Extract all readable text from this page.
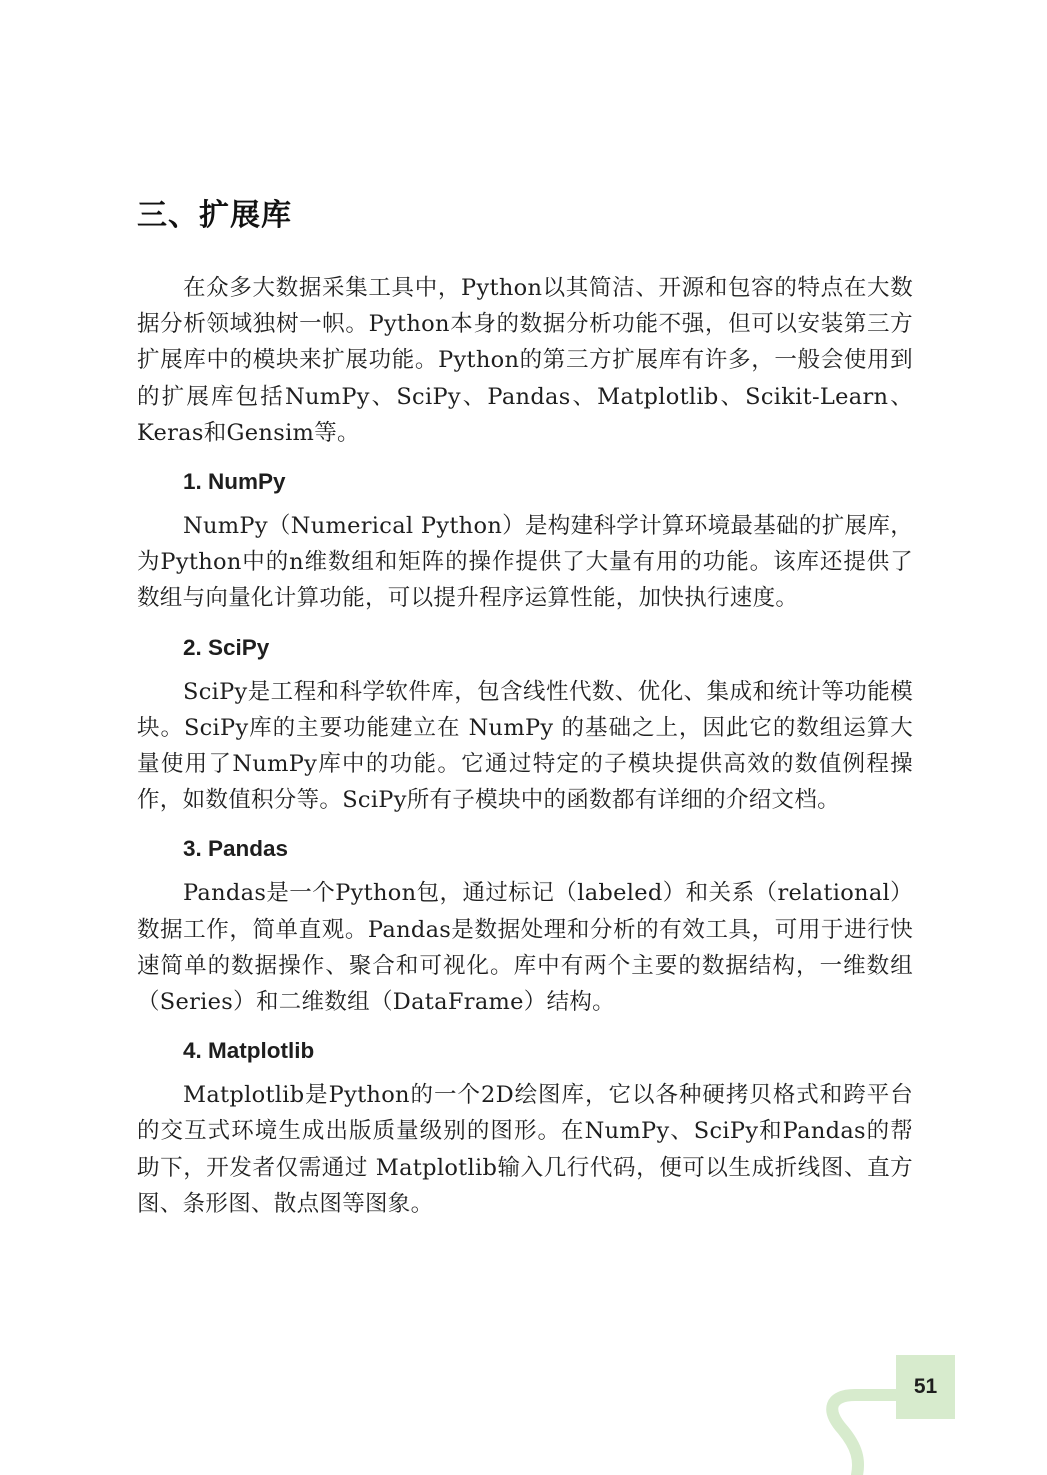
三、扩展库

在众多大数据采集工具中，Python以其简洁、开源和包容的特点在大数据分析领域独树一帜。Python本身的数据分析功能不强，但可以安装第三方扩展库中的模块来扩展功能。Python的第三方扩展库有许多，一般会使用到的扩展库包括NumPy、SciPy、Pandas、Matplotlib、Scikit-Learn、Keras和Gensim等。

1. NumPy

NumPy（Numerical Python）是构建科学计算环境最基础的扩展库，为Python中的n维数组和矩阵的操作提供了大量有用的功能。该库还提供了数组与向量化计算功能，可以提升程序运算性能，加快执行速度。

2. SciPy

SciPy是工程和科学软件库，包含线性代数、优化、集成和统计等功能模块。SciPy库的主要功能建立在 NumPy 的基础之上，因此它的数组运算大量使用了NumPy库中的功能。它通过特定的子模块提供高效的数值例程操作，如数值积分等。SciPy所有子模块中的函数都有详细的介绍文档。

3. Pandas

Pandas是一个Python包，通过标记（labeled）和关系（relational）数据工作，简单直观。Pandas是数据处理和分析的有效工具，可用于进行快速简单的数据操作、聚合和可视化。库中有两个主要的数据结构，一维数组（Series）和二维数组（DataFrame）结构。

4. Matplotlib

Matplotlib是Python的一个2D绘图库，它以各种硬拷贝格式和跨平台的交互式环境生成出版质量级别的图形。在NumPy、SciPy和Pandas的帮助下，开发者仅需通过 Matplotlib输入几行代码，便可以生成折线图、直方图、条形图、散点图等图象。

51
